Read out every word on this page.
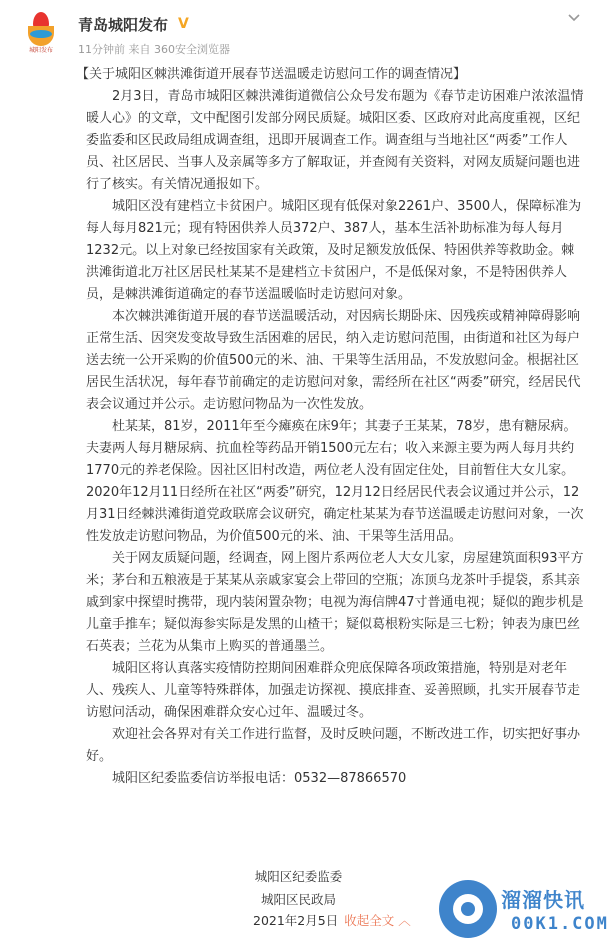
城阳发布
青岛城阳发布 V
11分钟前 来自 360安全浏览器

【关于城阳区棘洪滩街道开展春节送温暖走访慰问工作的调查情况】

2月3日，青岛市城阳区棘洪滩街道微信公众号发布题为《春节走访困难户浓浓温情暖人心》的文章，文中配图引发部分网民质疑。城阳区委、区政府对此高度重视，区纪委监委和区民政局组成调查组，迅即开展调查工作。调查组与当地社区“两委”工作人员、社区居民、当事人及亲属等多方了解取证，并查阅有关资料，对网友质疑问题也进行了核实。有关情况通报如下。

城阳区没有建档立卡贫困户。城阳区现有低保对象2261户、3500人，保障标准为每人每月821元；现有特困供养人员372户、387人，基本生活补助标准为每人每月1232元。以上对象已经按国家有关政策，及时足额发放低保、特困供养等救助金。棘洪滩街道北万社区居民杜某某不是建档立卡贫困户，不是低保对象，不是特困供养人员，是棘洪滩街道确定的春节送温暖临时走访慰问对象。

本次棘洪滩街道开展的春节送温暖活动，对因病长期卧床、因残疾或精神障碍影响正常生活、因突发变故导致生活困难的居民，纳入走访慰问范围，由街道和社区为每户送去统一公开采购的价值500元的米、油、干果等生活用品，不发放慰问金。根据社区居民生活状况，每年春节前确定的走访慰问对象，需经所在社区“两委”研究，经居民代表会议通过并公示。走访慰问物品为一次性发放。

杜某某，81岁，2011年至今瘫痪在床9年；其妻子王某某，78岁，患有糖尿病。夫妻两人每月糖尿病、抗血栓等药品开销1500元左右；收入来源主要为两人每月共约1770元的养老保险。因社区旧村改造，两位老人没有固定住处，目前暂住大女儿家。2020年12月11日经所在社区“两委”研究，12月12日经居民代表会议通过并公示，12月31日经棘洪滩街道党政联席会议研究，确定杜某某为春节送温暖走访慰问对象，一次性发放走访慰问物品，为价值500元的米、油、干果等生活用品。

关于网友质疑问题，经调查，网上图片系两位老人大女儿家，房屋建筑面积93平方米；茅台和五粮液是于某某从亲戚家宴会上带回的空瓶；冻顶乌龙茶叶手提袋，系其亲戚到家中探望时携带，现内装闲置杂物；电视为海信牌47寸普通电视；疑似的跑步机是儿童手推车；疑似海参实际是发黑的山楂干；疑似葛根粉实际是三七粉；钟表为康巴丝石英表；兰花为从集市上购买的普通墨兰。

城阳区将认真落实疫情防控期间困难群众兜底保障各项政策措施，特别是对老年人、残疾人、儿童等特殊群体，加强走访探视、摸底排查、妥善照顾，扎实开展春节走访慰问活动，确保困难群众安心过年、温暖过冬。

欢迎社会各界对有关工作进行监督，及时反映问题，不断改进工作，切实把好事办好。

城阳区纪委监委信访举报电话：0532—87866570

城阳区纪委监委
城阳区民政局
2021年2月5日 收起全文 ︿
溜溜快讯
00K1.COM
